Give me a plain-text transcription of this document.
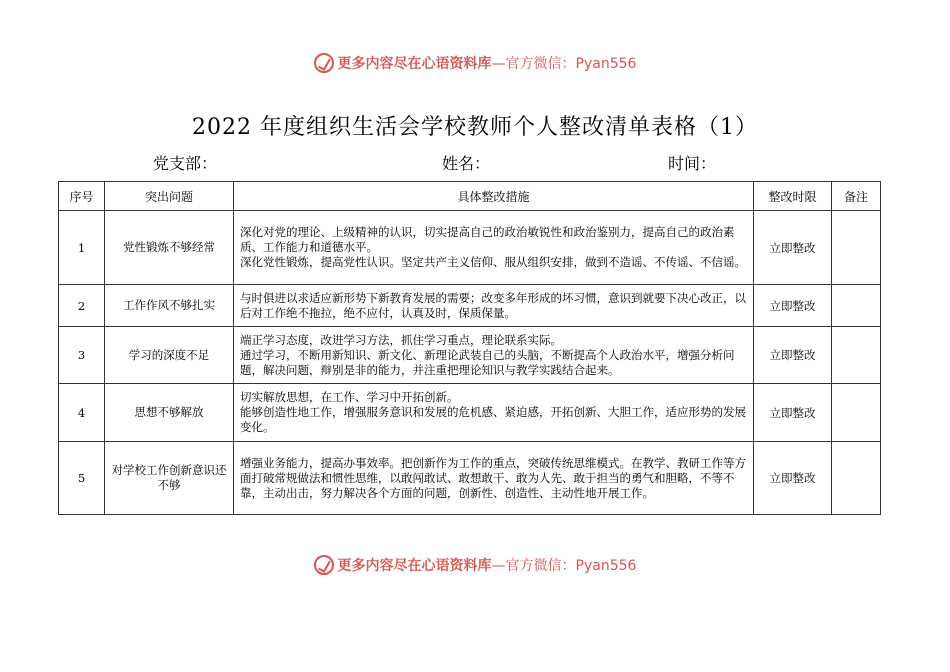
更多内容尽在心语资料库—官方微信：Pyan556
2022 年度组织生活会学校教师个人整改清单表格（1）
党支部：	姓名：	时间：
序号	突出问题	具体整改措施	整改时限	备注
1	党性锻炼不够经常	深化对党的理论、上级精神的认识，切实提高自己的政治敏锐性和政治鉴别力，提高自己的政治素质、工作能力和道德水平。
深化党性锻炼，提高党性认识。坚定共产主义信仰、服从组织安排，做到不造谣、不传谣、不信谣。	立即整改	
2	工作作风不够扎实	与时俱进以求适应新形势下新教育发展的需要；改变多年形成的坏习惯，意识到就要下决心改正，以后对工作绝不拖拉，绝不应付，认真及时，保质保量。	立即整改	
3	学习的深度不足	端正学习态度，改进学习方法，抓住学习重点，理论联系实际。
通过学习，不断用新知识、新文化、新理论武装自己的头脑，不断提高个人政治水平，增强分析问题，解决问题，辩别是非的能力，并注重把理论知识与教学实践结合起来。	立即整改	
4	思想不够解放	切实解放思想，在工作、学习中开拓创新。
能够创造性地工作，增强服务意识和发展的危机感、紧迫感，开拓创新、大胆工作，适应形势的发展变化。	立即整改	
5	对学校工作创新意识还不够	增强业务能力，提高办事效率。把创新作为工作的重点，突破传统思维模式。在教学、教研工作等方面打破常规做法和惯性思维，以敢闯敢试、敢想敢干、敢为人先、敢于担当的勇气和胆略，不等不靠，主动出击，努力解决各个方面的问题，创新性、创造性、主动性地开展工作。	立即整改	
更多内容尽在心语资料库—官方微信：Pyan556
